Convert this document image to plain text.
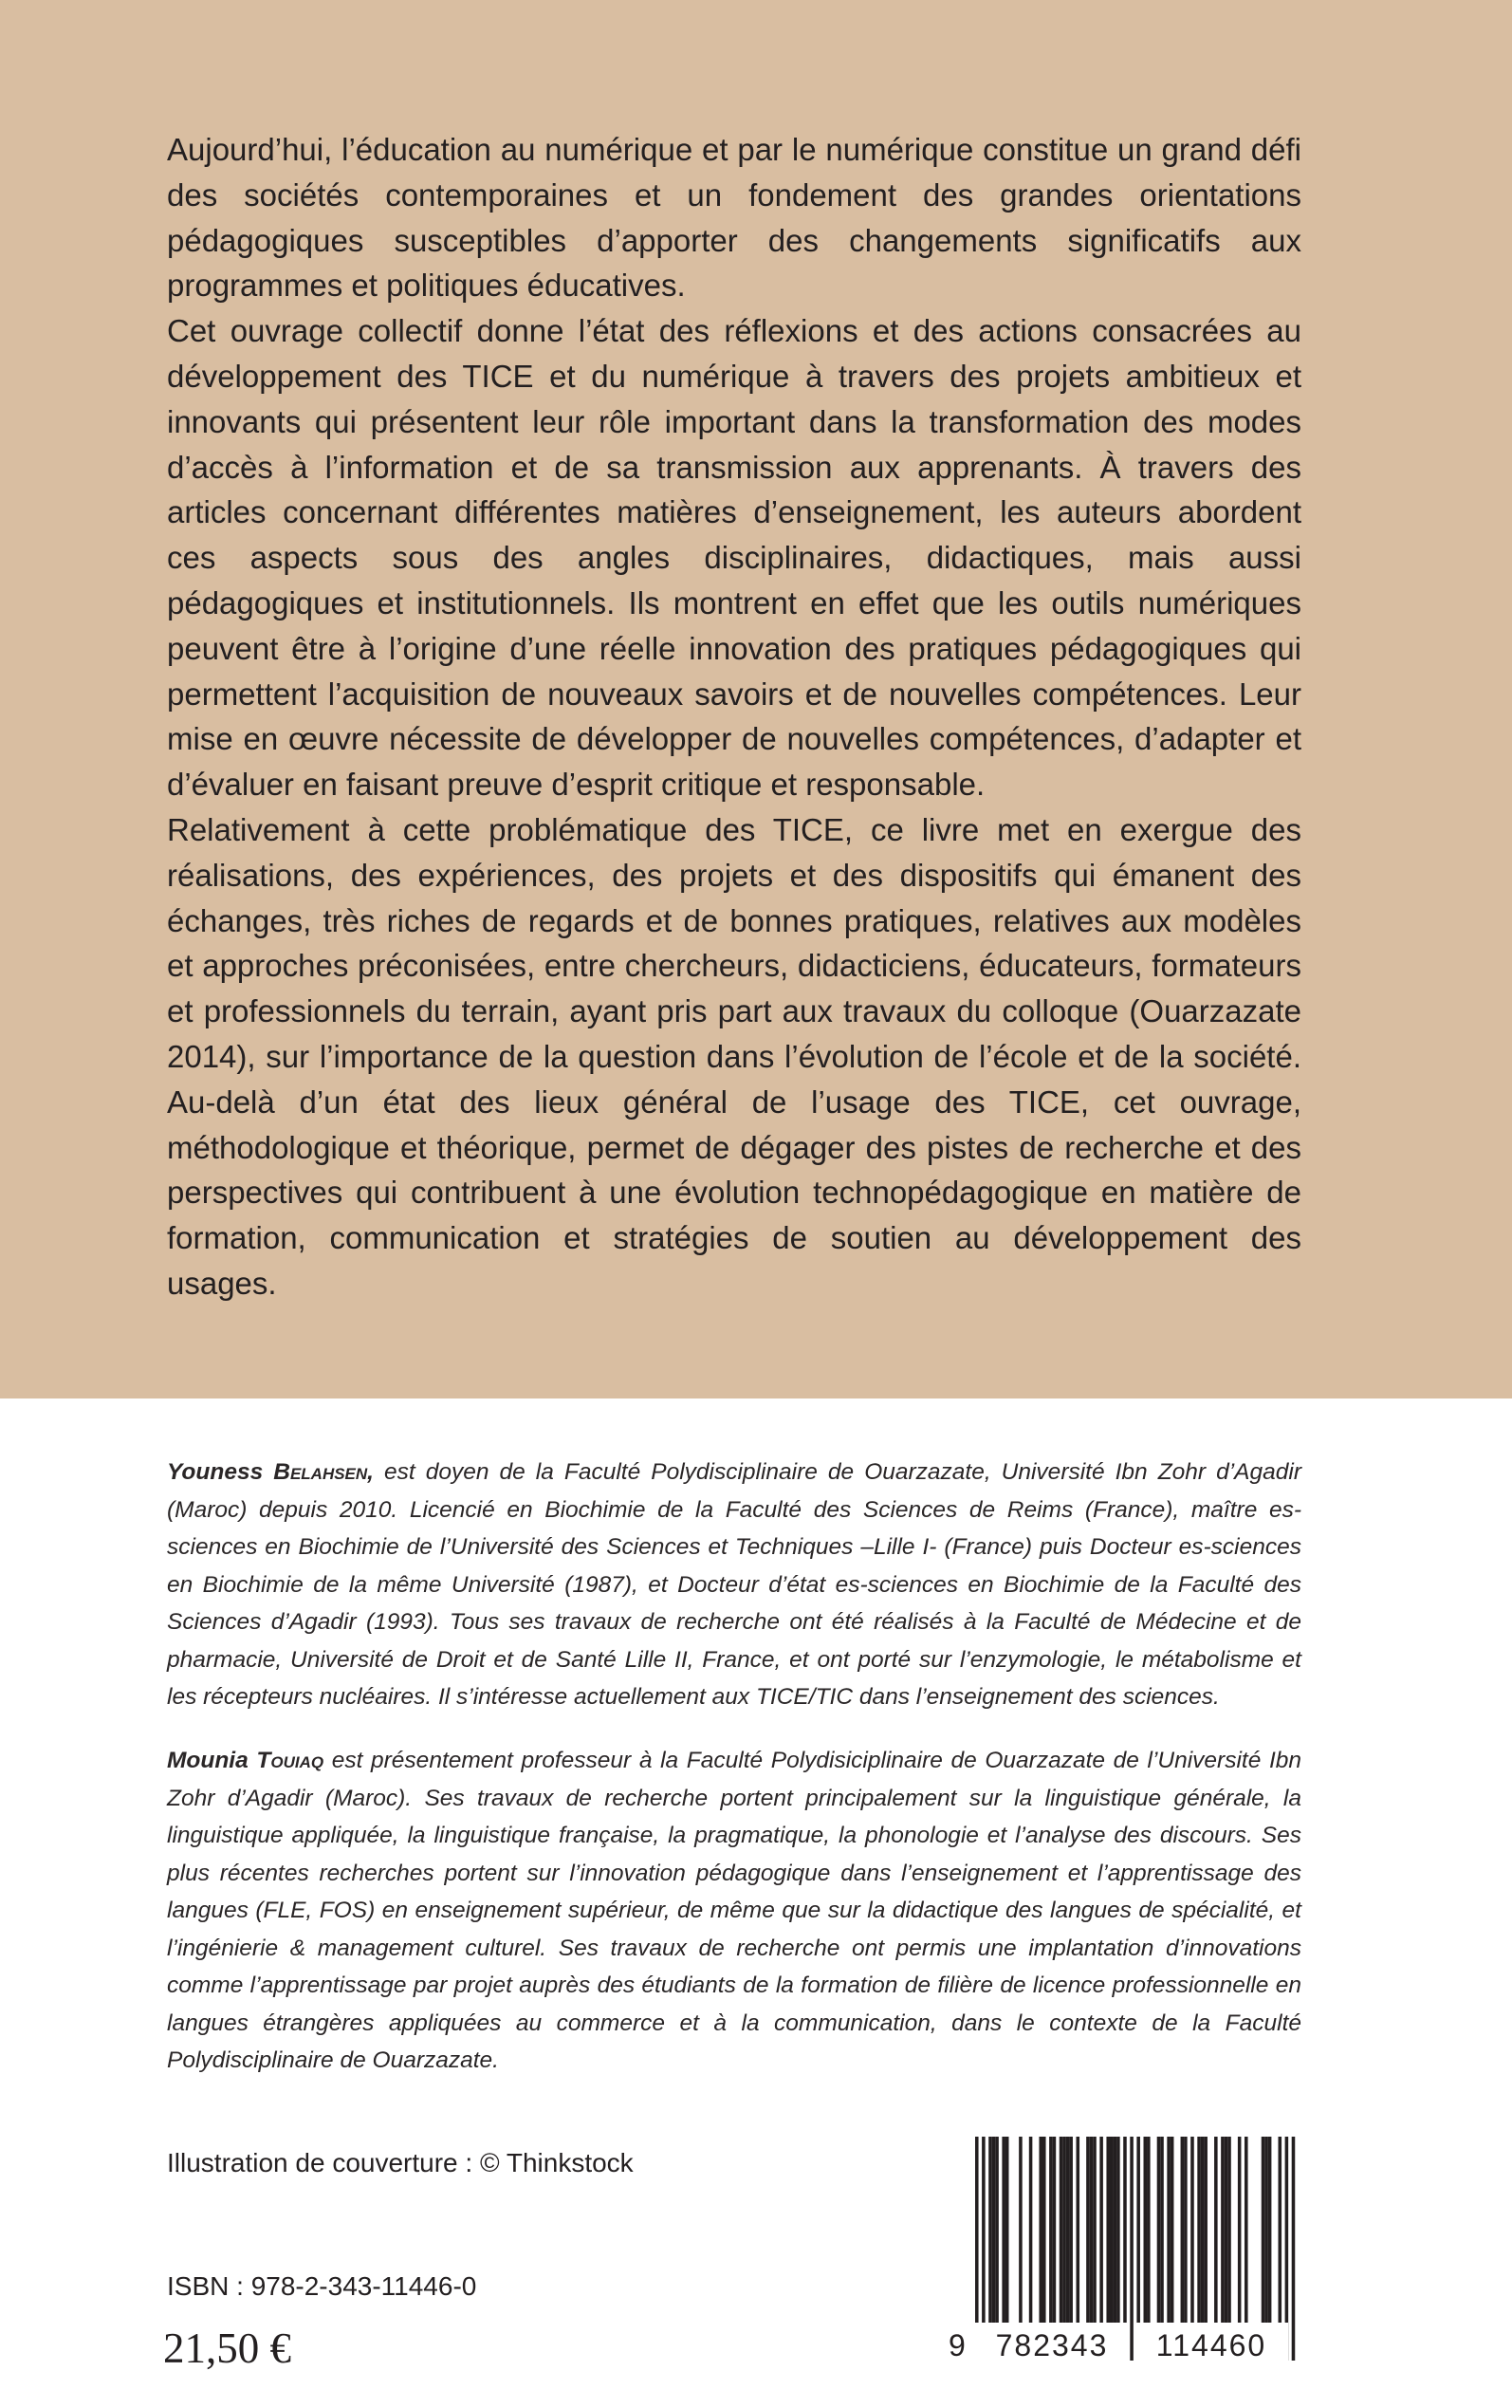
Aujourd’hui, l’éducation au numérique et par le numérique constitue un grand défi des sociétés contemporaines et un fondement des grandes orientations pédagogiques susceptibles d’apporter des changements significatifs aux programmes et politiques éducatives.

Cet ouvrage collectif donne l’état des réflexions et des actions consacrées au développement des TICE et du numérique à travers des projets ambitieux et innovants qui présentent leur rôle important dans la transformation des modes d’accès à l’information et de sa transmission aux apprenants. À travers des articles concernant différentes matières d’enseignement, les auteurs abordent ces aspects sous des angles disciplinaires, didactiques, mais aussi pédagogiques et institutionnels. Ils montrent en effet que les outils numériques peuvent être à l’origine d’une réelle innovation des pratiques pédagogiques qui permettent l’acquisition de nouveaux savoirs et de nouvelles compétences. Leur mise en œuvre nécessite de développer de nouvelles compétences, d’adapter et d’évaluer en faisant preuve d’esprit critique et responsable.

Relativement à cette problématique des TICE, ce livre met en exergue des réalisations, des expériences, des projets et des dispositifs qui émanent des échanges, très riches de regards et de bonnes pratiques, relatives aux modèles et approches préconisées, entre chercheurs, didacticiens, éducateurs, formateurs et professionnels du terrain, ayant pris part aux travaux du colloque (Ouarzazate 2014), sur l’importance de la question dans l’évolution de l’école et de la société. Au-delà d’un état des lieux général de l’usage des TICE, cet ouvrage, méthodologique et théorique, permet de dégager des pistes de recherche et des perspectives qui contribuent à une évolution technopédagogique en matière de formation, communication et stratégies de soutien au développement des usages.

Youness Belahsen, est doyen de la Faculté Polydisciplinaire de Ouarzazate, Université Ibn Zohr d’Agadir (Maroc) depuis 2010. Licencié en Biochimie de la Faculté des Sciences de Reims (France), maître es-sciences en Biochimie de l’Université des Sciences et Techniques –Lille I- (France) puis Docteur es-sciences en Biochimie de la même Université (1987), et Docteur d’état es-sciences en Biochimie de la Faculté des Sciences d’Agadir (1993). Tous ses travaux de recherche ont été réalisés à la Faculté de Médecine et de pharmacie, Université de Droit et de Santé Lille II, France, et ont porté sur l’enzymologie, le métabolisme et les récepteurs nucléaires. Il s’intéresse actuellement aux TICE/TIC dans l’enseignement des sciences.
Mounia Touiaq est présentement professeur à la Faculté Polydisiciplinaire de Ouarzazate de l’Université Ibn Zohr d’Agadir (Maroc). Ses travaux de recherche portent principalement sur la linguistique générale, la linguistique appliquée, la linguistique française, la pragmatique, la phonologie et l’analyse des discours. Ses plus récentes recherches portent sur l’innovation pédagogique dans l’enseignement et l’apprentissage des langues (FLE, FOS) en enseignement supérieur, de même que sur la didactique des langues de spécialité, et l’ingénierie & management culturel. Ses travaux de recherche ont permis une implantation d’innovations comme l’apprentissage par projet auprès des étudiants de la formation de filière de licence professionnelle en langues étrangères appliquées au commerce et à la communication, dans le contexte de la Faculté Polydisciplinaire de Ouarzazate.
Illustration de couverture : © Thinkstock
ISBN : 978-2-343-11446-0
21,50 €	9 782343	114460
